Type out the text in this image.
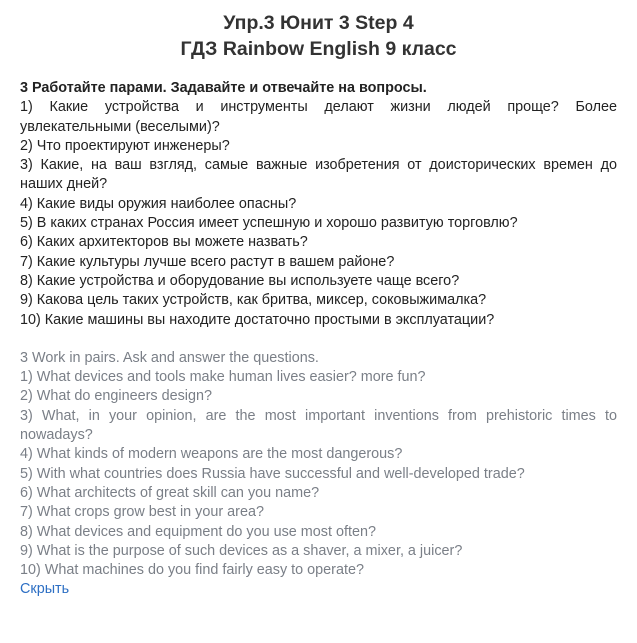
Упр.3 Юнит 3 Step 4
ГДЗ Rainbow English 9 класс

3 Работайте парами. Задавайте и отвечайте на вопросы.

1) Какие устройства и инструменты делают жизни людей проще? Более увлекательными (веселыми)?

2) Что проектируют инженеры?

3) Какие, на ваш взгляд, самые важные изобретения от доисторических времен до наших дней?

4) Какие виды оружия наиболее опасны?

5) В каких странах Россия имеет успешную и хорошо развитую торговлю?

6) Каких архитекторов вы можете назвать?

7) Какие культуры лучше всего растут в вашем районе?

8) Какие устройства и оборудование вы используете чаще всего?

9) Какова цель таких устройств, как бритва, миксер, соковыжималка?

10) Какие машины вы находите достаточно простыми в эксплуатации?

3 Work in pairs. Ask and answer the questions.

1) What devices and tools make human lives easier? more fun?

2) What do engineers design?

3) What, in your opinion, are the most important inventions from prehistoric times to nowadays?

4) What kinds of modern weapons are the most dangerous?

5) With what countries does Russia have successful and well-developed trade?

6) What architects of great skill can you name?

7) What crops grow best in your area?

8) What devices and equipment do you use most often?

9) What is the purpose of such devices as a shaver, a mixer, a juicer?

10) What machines do you find fairly easy to operate?

Скрыть
